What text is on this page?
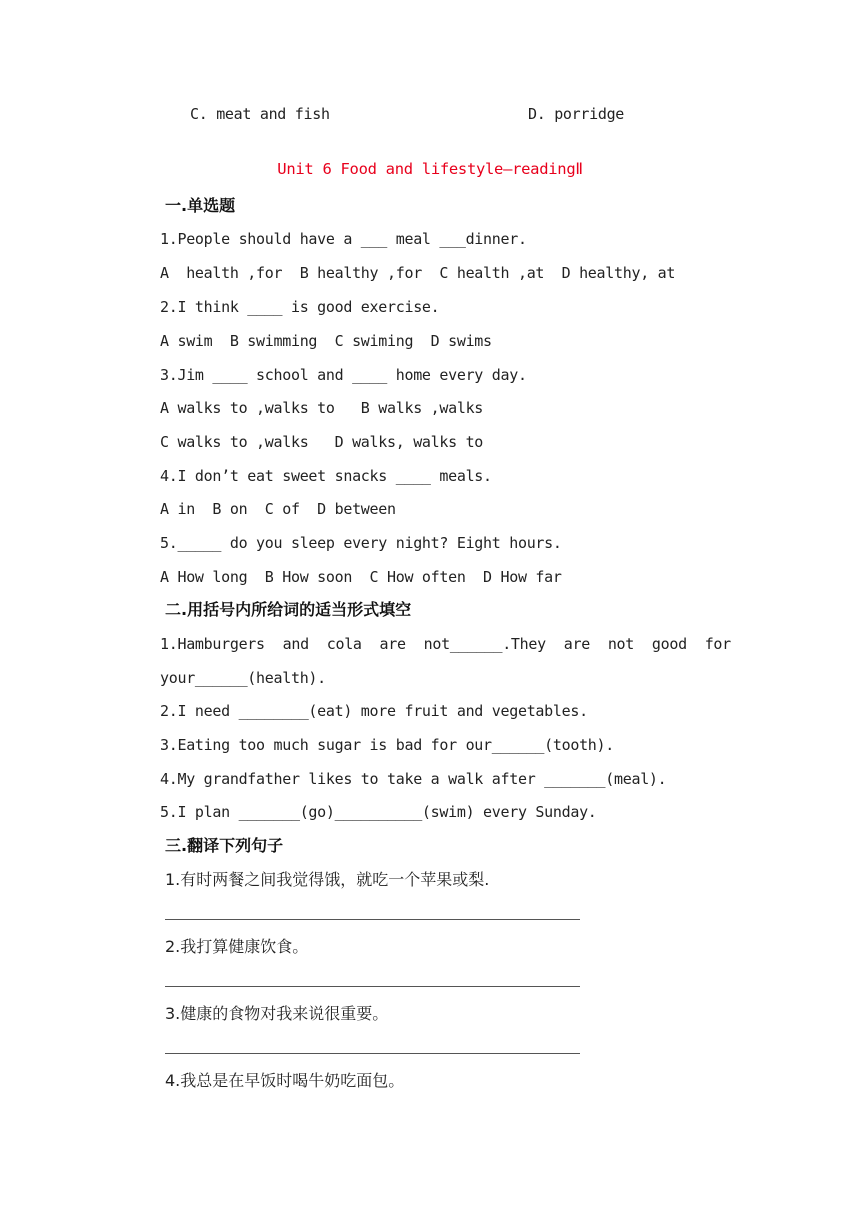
C. meat and fish	D. porridge
Unit 6 Food and lifestyle—readingⅡ
一.单选题
1.People should have a ___ meal ___dinner.
A  health ,for  B healthy ,for  C health ,at  D healthy, at
2.I think ____ is good exercise.
A swim  B swimming  C swiming  D swims
3.Jim ____ school and ____ home every day.
A walks to ,walks to   B walks ,walks
C walks to ,walks   D walks, walks to
4.I don’t eat sweet snacks ____ meals.
A in  B on  C of  D between
5._____ do you sleep every night? Eight hours.
A How long  B How soon  C How often  D How far
二.用括号内所给词的适当形式填空
1.Hamburgers and cola are not______.They are not good for
your______(health).
2.I need ________(eat) more fruit and vegetables.
3.Eating too much sugar is bad for our______(tooth).
4.My grandfather likes to take a walk after _______(meal).
5.I plan _______(go)__________(swim) every Sunday.
三.翻译下列句子
1.有时两餐之间我觉得饿，就吃一个苹果或梨.
2.我打算健康饮食。
3.健康的食物对我来说很重要。
4.我总是在早饭时喝牛奶吃面包。
